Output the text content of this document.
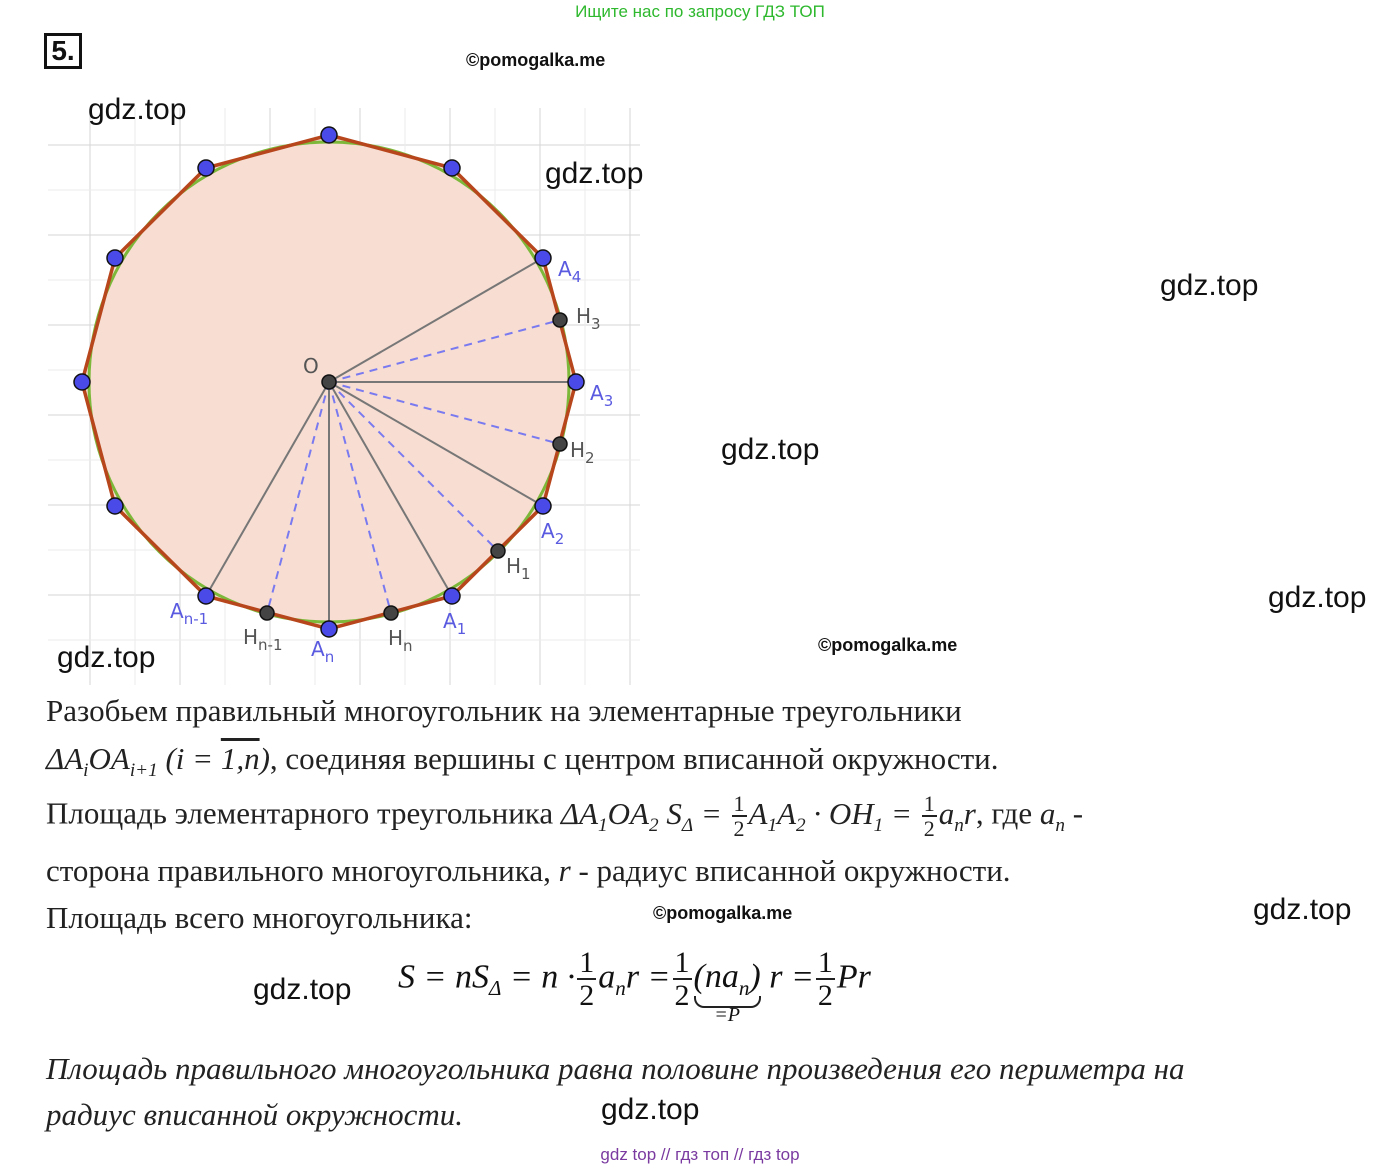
Ищите нас по запросу ГДЗ ТОП
5.	©pomogalka.me
©pomogalka.me
©pomogalka.me
O
$A_4$
$H_3$
$A_3$
$H_2$
$A_2$
$H_1$
$A_1$
$H_n$
$A_n$
$H_{n-1}$
$A_{n-1}$
gdz.top
gdz.top
gdz.top
gdz.top
gdz.top
gdz.top
gdz.top
gdz.top
gdz.top
Разобьем правильный многоугольник на элементарные треугольники
$\Delta A_iOA_{i+1}$ (i = 1,n), соединяя вершины с центром вписанной окружности.
Площадь элементарного треугольника $\Delta A_1OA_2$ $S_\Delta = \frac{1}{2} A_1A_2 \cdot OH_1 = \frac{1}{2} a_nr$, где $a_n$ -
сторона правильного многоугольника, r - радиус вписанной окружности.
Площадь всего многоугольника:
$S = nS_\Delta = n \cdot \frac{1}{2} a_nr = \frac{1}{2} (na_n)$
=P
$r = \frac{1}{2}$ Pr
Площадь правильного многоугольника равна половине произведения его периметра на
радиус вписанной окружности.
gdz top // гдз топ // гдз top
